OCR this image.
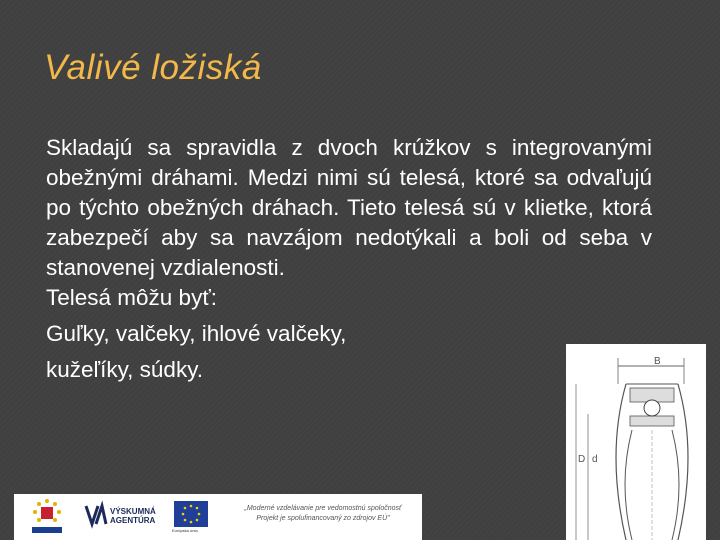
Valivé ložiská

Skladajú sa spravidla z dvoch krúžkov s integrovanými obežnými dráhami. Medzi nimi sú telesá, ktoré sa odvaľujú po týchto obežných dráhach. Tieto telesá sú v klietke, ktorá zabezpečí aby sa navzájom nedotýkali a boli od seba v stanovenej vzdialenosti.

Telesá môžu byť:

Guľky, valčeky, ihlové valčeky,

kužeľíky, súdky.	B
D d
VÝSKUMNÁ
AGENTÚRA
Európska únia
„Moderné vzdelávanie pre vedomostnú spoločnosť
Projekt je spolufinancovaný zo zdrojov EÚ"
